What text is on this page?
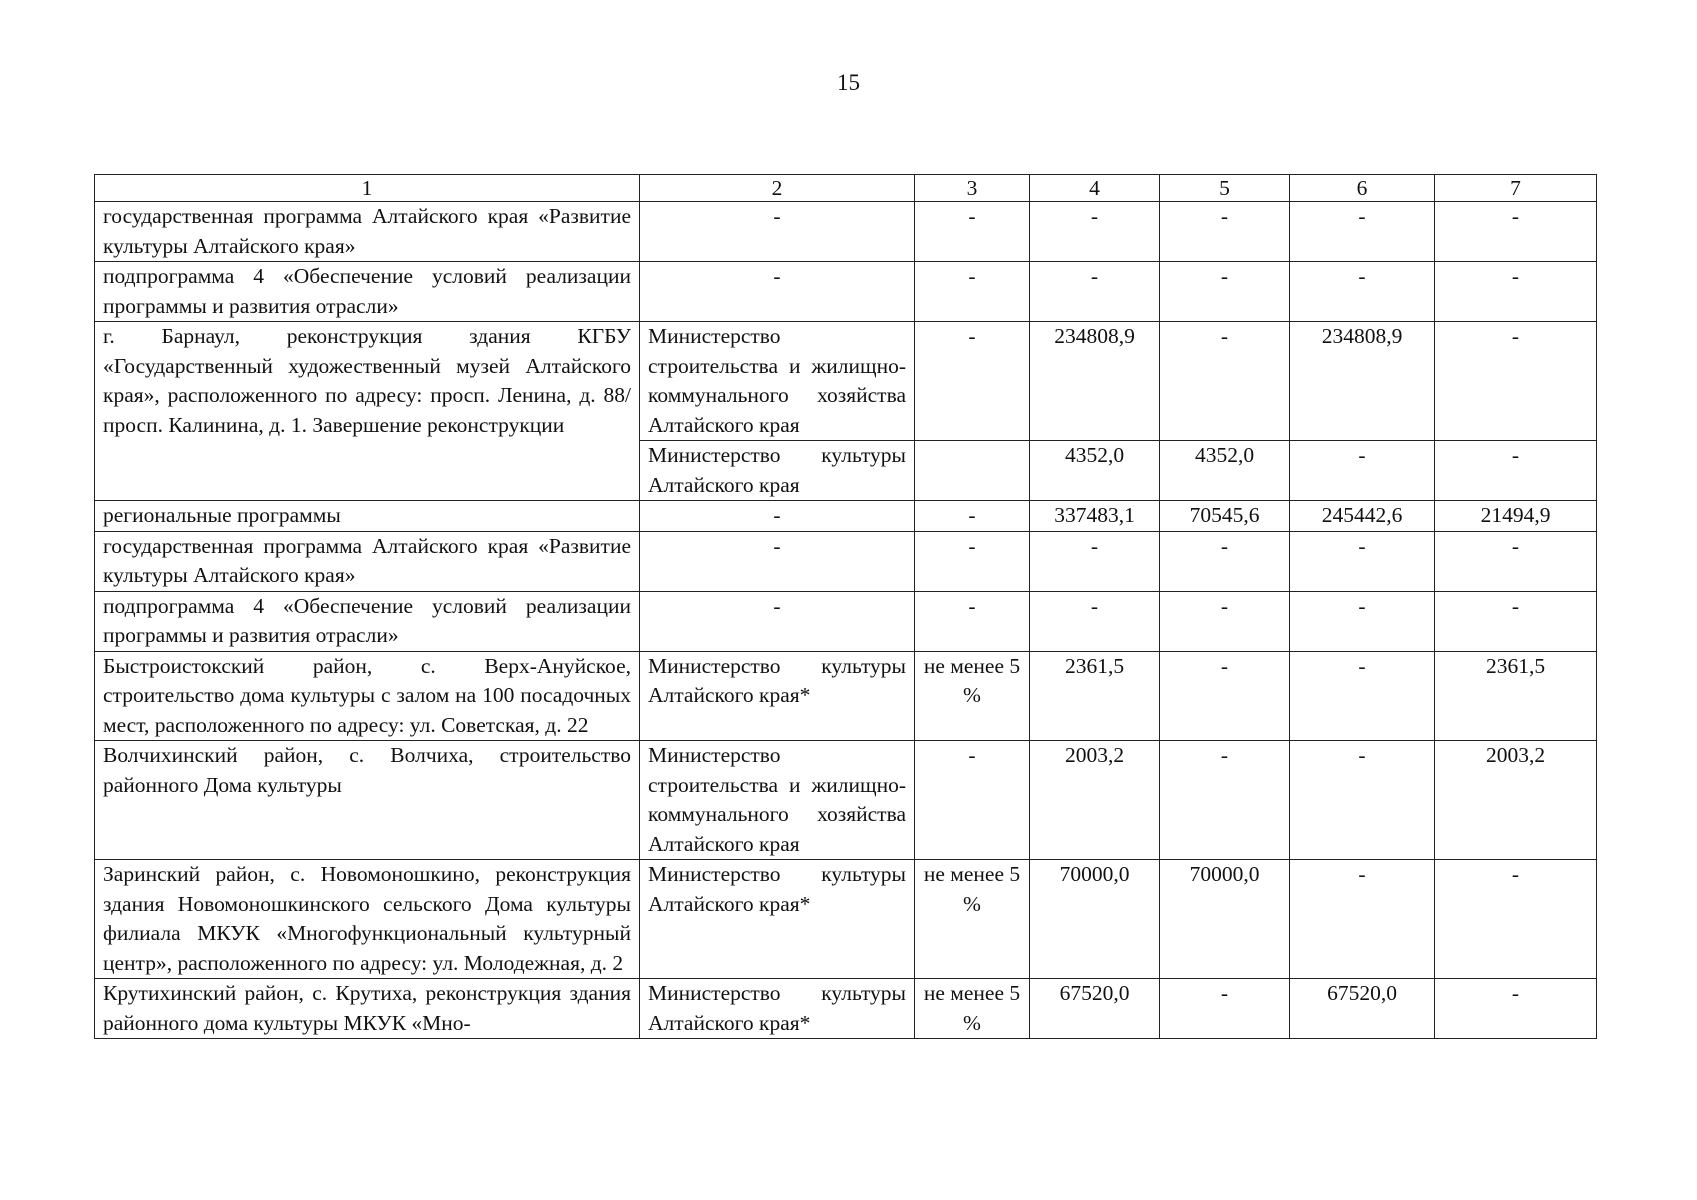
15
1	2	3	4	5	6	7
государственная программа Алтайского края «Развитие культуры Алтайского края»	-	-	-	-	-	-
подпрограмма 4 «Обеспечение условий реализации программы и развития отрасли»	-	-	-	-	-	-
г. Барнаул, реконструкция здания КГБУ «Государственный художественный музей Алтайского края», расположенного по адресу: просп. Ленина, д. 88/ просп. Калинина, д. 1. Завершение реконструкции	Министерство строительства и жилищно-коммунального хозяйства Алтайского края	-	234808,9	-	234808,9	-
	Министерство культуры Алтайского края		4352,0	4352,0	-	-
региональные программы	-	-	337483,1	70545,6	245442,6	21494,9
государственная программа Алтайского края «Развитие культуры Алтайского края»	-	-	-	-	-	-
подпрограмма 4 «Обеспечение условий реализации программы и развития отрасли»	-	-	-	-	-	-
Быстроистокский район, с. Верх-Ануйское, строительство дома культуры с залом на 100 посадочных мест, расположенного по адресу: ул. Советская, д. 22	Министерство культуры Алтайского края*	не менее 5 %	2361,5	-	-	2361,5
Волчихинский район, с. Волчиха, строительство районного Дома культуры	Министерство строительства и жилищно-коммунального хозяйства Алтайского края	-	2003,2	-	-	2003,2
Заринский район, с. Новомоношкино, реконструкция здания Новомоношкинского сельского Дома культуры филиала МКУК «Многофункциональный культурный центр», расположенного по адресу: ул. Молодежная, д. 2	Министерство культуры Алтайского края*	не менее 5 %	70000,0	70000,0	-	-
Крутихинский район, с. Крутиха, реконструкция здания районного дома культуры МКУК «Мно-	Министерство культуры Алтайского края*	не менее 5 %	67520,0	-	67520,0	-
